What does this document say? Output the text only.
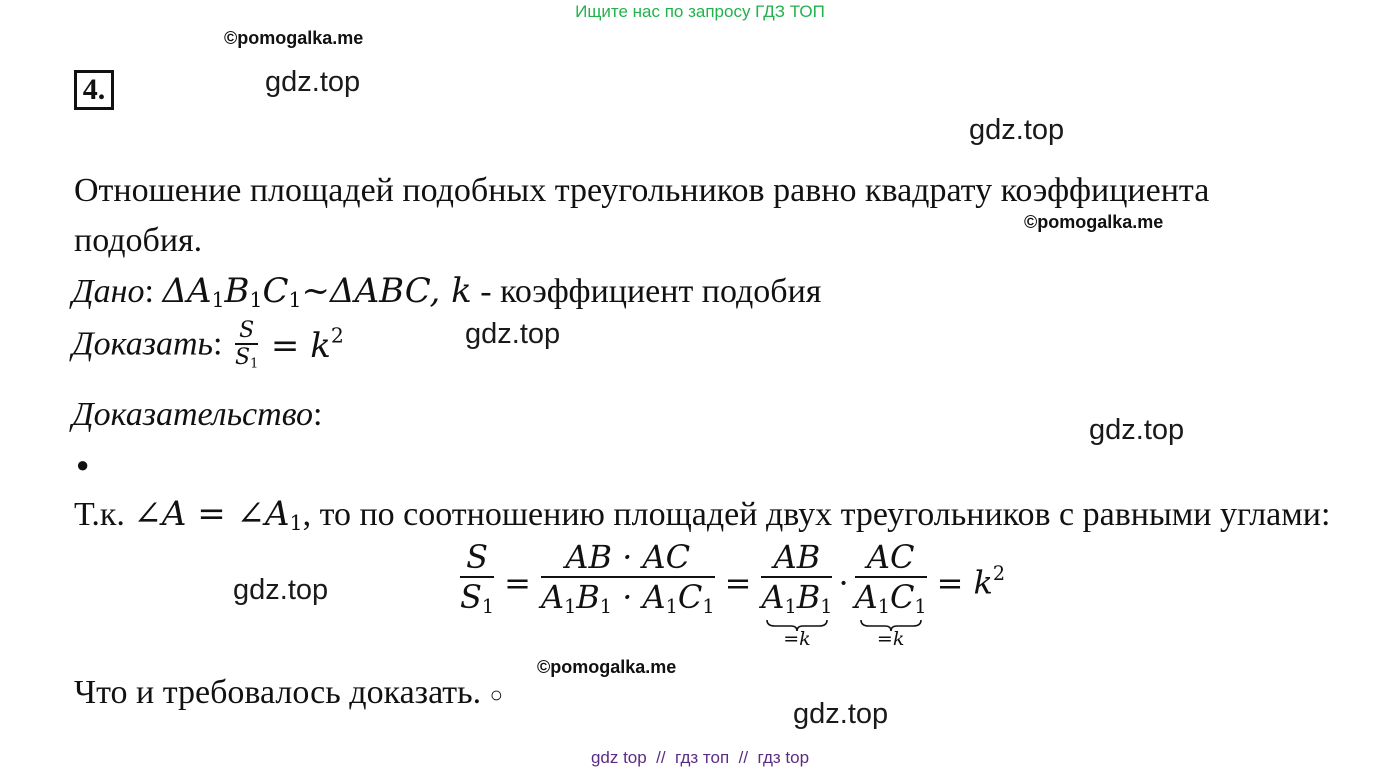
Ищите нас по запросу ГДЗ ТОП
©pomogalka.me
©pomogalka.me
©pomogalka.me
gdz.top
gdz.top
gdz.top
gdz.top
gdz.top
gdz.top
4.
Отношение площадей подобных треугольников равно квадрату коэффициента
подобия.
Дано: $\Delta A_1B_1C_1\sim\Delta ABC$, k - коэффициент подобия
Доказать: $\frac{S}{S_1} = k^2$
Доказательство:
●
Т.к. ∠A = $\angle A_1$, то по соотношению площадей двух треугольников с равными углами:
$\frac{S}{S_1} = \frac{AB \cdot AC}{A_1B_1 \cdot A_1C_1}$ = AB
$A_1B_1$
=k · AC
$A_1C_1$
$=k = k^2$
Что и требовалось доказать. ○
gdz top  //  гдз топ  //  гдз top
